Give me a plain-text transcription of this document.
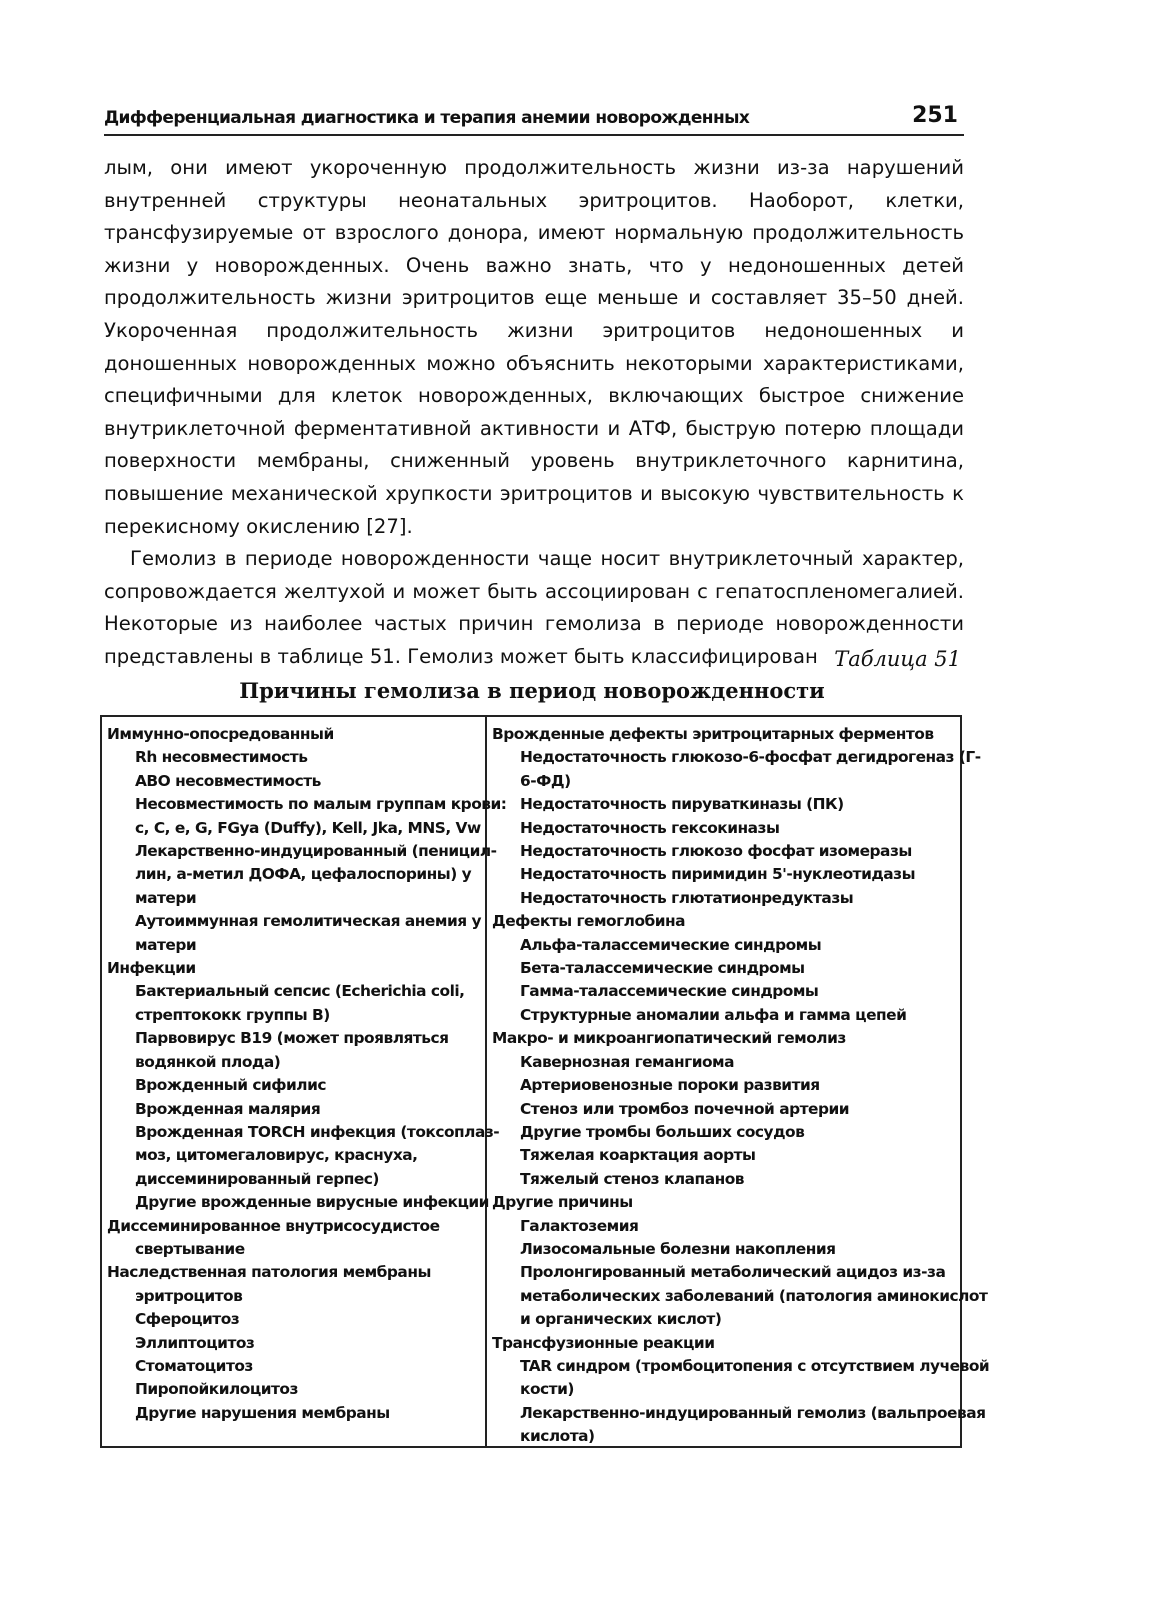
Дифференциальная диагностика и терапия анемии новорожденных	251

лым, они имеют укороченную продолжительность жизни из-за нарушений внутренней структуры неонатальных эритроцитов. Наоборот, клетки, трансфузируемые от взрослого донора, имеют нормальную продолжительность жизни у новорожденных. Очень важно знать, что у недоношенных детей продолжительность жизни эритроцитов еще меньше и составляет 35–50 дней. Укороченная продолжительность жизни эритроцитов недоношенных и доношенных новорожденных можно объяснить некоторыми характеристиками, специфичными для клеток новорожденных, включающих быстрое снижение внутриклеточной ферментативной активности и АТФ, быструю потерю площади поверхности мембраны, сниженный уровень внутриклеточного карнитина, повышение механической хрупкости эритроцитов и высокую чувствительность к перекисному окислению [27].

Гемолиз в периоде новорожденности чаще носит внутриклеточный характер, сопровождается желтухой и может быть ассоциирован с гепатоспленомегалией. Некоторые из наиболее частых причин гемолиза в периоде новорожденности представлены в таблице 51. Гемолиз может быть классифицирован Таблица 51
Причины гемолиза в период новорожденности
Иммунно-опосредованный
Rh несовместимость
ABO несовместимость
Несовместимость по малым группам крови:
c, C, e, G, FGya (Duffy), Kell, Jka, MNS, Vw
Лекарственно-индуцированный (пеницил-
лин, а-метил ДОФА, цефалоспорины) у
матери
Аутоиммунная гемолитическая анемия у
матери
Инфекции
Бактериальный сепсис (Echerichia coli,
стрептококк группы В)
Парвовирус В19 (может проявляться
водянкой плода)
Врожденный сифилис
Врожденная малярия
Врожденная TORCH инфекция (токсоплаз-
моз, цитомегаловирус, краснуха,
диссеминированный герпес)
Другие врожденные вирусные инфекции
Диссеминированное внутрисосудистое
свертывание
Наследственная патология мембраны
эритроцитов
Сфероцитоз
Эллиптоцитоз
Стоматоцитоз
Пиропойкилоцитоз
Другие нарушения мембраны
Врожденные дефекты эритроцитарных ферментов
Недостаточность глюкозо-6-фосфат дегидрогеназ (Г-
6-ФД)
Недостаточность пируваткиназы (ПК)
Недостаточность гексокиназы
Недостаточность глюкозо фосфат изомеразы
Недостаточность пиримидин 5'-нуклеотидазы
Недостаточность глютатионредуктазы
Дефекты гемоглобина
Альфа-талассемические синдромы
Бета-талассемические синдромы
Гамма-талассемические синдромы
Структурные аномалии альфа и гамма цепей
Макро- и микроангиопатический гемолиз
Кавернозная гемангиома
Артериовенозные пороки развития
Стеноз или тромбоз почечной артерии
Другие тромбы больших сосудов
Тяжелая коарктация аорты
Тяжелый стеноз клапанов
Другие причины
Галактоземия
Лизосомальные болезни накопления
Пролонгированный метаболический ацидоз из-за
метаболических заболеваний (патология аминокислот
и органических кислот)
Трансфузионные реакции
TAR синдром (тромбоцитопения с отсутствием лучевой
кости)
Лекарственно-индуцированный гемолиз (вальпроевая
кислота)
